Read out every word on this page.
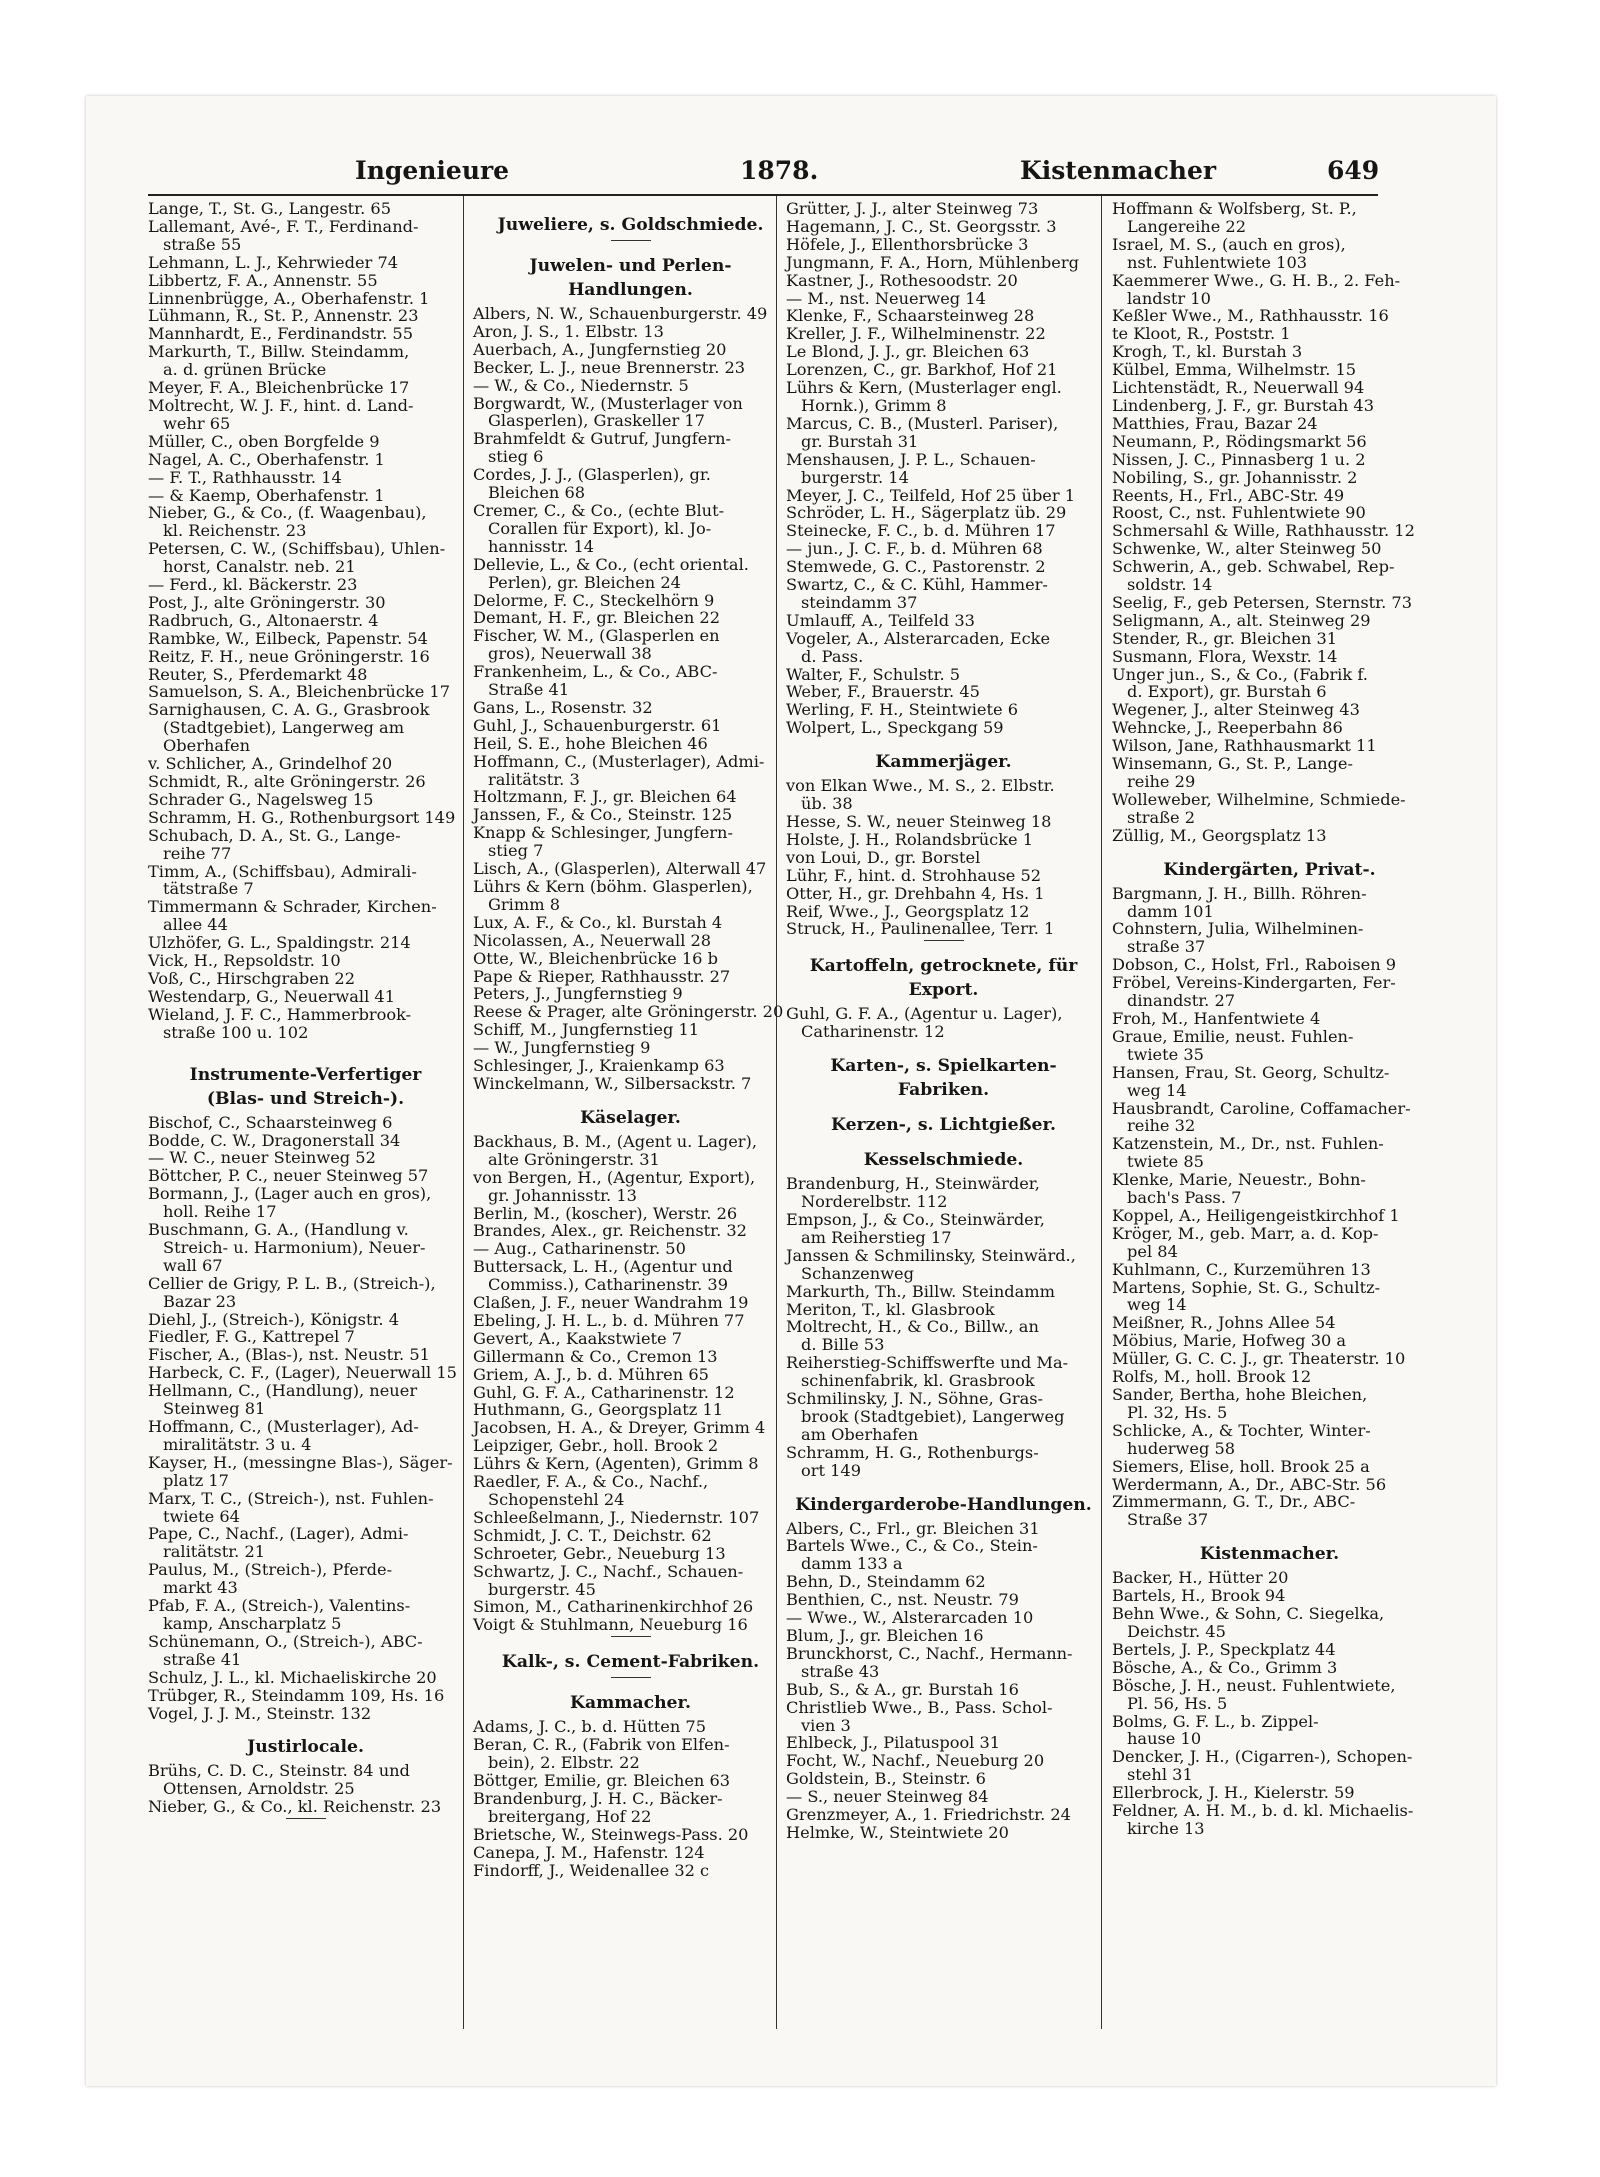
Ingenieure	1878.	Kistenmacher	649
Lange, T., St. G., Langestr. 65
Lallemant, Avé-, F. T., Ferdinand-
straße 55
Lehmann, L. J., Kehrwieder 74
Libbertz, F. A., Annenstr. 55
Linnenbrügge, A., Oberhafenstr. 1
Lühmann, R., St. P., Annenstr. 23
Mannhardt, E., Ferdinandstr. 55
Markurth, T., Billw. Steindamm,
a. d. grünen Brücke
Meyer, F. A., Bleichenbrücke 17
Moltrecht, W. J. F., hint. d. Land-
wehr 65
Müller, C., oben Borgfelde 9
Nagel, A. C., Oberhafenstr. 1
— F. T., Rathhausstr. 14
— & Kaemp, Oberhafenstr. 1
Nieber, G., & Co., (f. Waagenbau),
kl. Reichenstr. 23
Petersen, C. W., (Schiffsbau), Uhlen-
horst, Canalstr. neb. 21
— Ferd., kl. Bäckerstr. 23
Post, J., alte Gröningerstr. 30
Radbruch, G., Altonaerstr. 4
Rambke, W., Eilbeck, Papenstr. 54
Reitz, F. H., neue Gröningerstr. 16
Reuter, S., Pferdemarkt 48
Samuelson, S. A., Bleichenbrücke 17
Sarnighausen, C. A. G., Grasbrook
(Stadtgebiet), Langerweg am
Oberhafen
v. Schlicher, A., Grindelhof 20
Schmidt, R., alte Gröningerstr. 26
Schrader G., Nagelsweg 15
Schramm, H. G., Rothenburgsort 149
Schubach, D. A., St. G., Lange-
reihe 77
Timm, A., (Schiffsbau), Admirali-
tätstraße 7
Timmermann & Schrader, Kirchen-
allee 44
Ulzhöfer, G. L., Spaldingstr. 214
Vick, H., Repsoldstr. 10
Voß, C., Hirschgraben 22
Westendarp, G., Neuerwall 41
Wieland, J. F. C., Hammerbrook-
straße 100 u. 102
Instrumente-Verfertiger
(Blas- und Streich-).
Bischof, C., Schaarsteinweg 6
Bodde, C. W., Dragonerstall 34
— W. C., neuer Steinweg 52
Böttcher, P. C., neuer Steinweg 57
Bormann, J., (Lager auch en gros),
holl. Reihe 17
Buschmann, G. A., (Handlung v.
Streich- u. Harmonium), Neuer-
wall 67
Cellier de Grigy, P. L. B., (Streich-),
Bazar 23
Diehl, J., (Streich-), Königstr. 4
Fiedler, F. G., Kattrepel 7
Fischer, A., (Blas-), nst. Neustr. 51
Harbeck, C. F., (Lager), Neuerwall 15
Hellmann, C., (Handlung), neuer
Steinweg 81
Hoffmann, C., (Musterlager), Ad-
miralitätstr. 3 u. 4
Kayser, H., (messingne Blas-), Säger-
platz 17
Marx, T. C., (Streich-), nst. Fuhlen-
twiete 64
Pape, C., Nachf., (Lager), Admi-
ralitätstr. 21
Paulus, M., (Streich-), Pferde-
markt 43
Pfab, F. A., (Streich-), Valentins-
kamp, Anscharplatz 5
Schünemann, O., (Streich-), ABC-
straße 41
Schulz, J. L., kl. Michaeliskirche 20
Trübger, R., Steindamm 109, Hs. 16
Vogel, J. J. M., Steinstr. 132
Justirlocale.
Brühs, C. D. C., Steinstr. 84 und
Ottensen, Arnoldstr. 25
Nieber, G., & Co., kl. Reichenstr. 23
Juweliere, s. Goldschmiede.
Juwelen- und Perlen-
Handlungen.
Albers, N. W., Schauenburgerstr. 49
Aron, J. S., 1. Elbstr. 13
Auerbach, A., Jungfernstieg 20
Becker, L. J., neue Brennerstr. 23
— W., & Co., Niedernstr. 5
Borgwardt, W., (Musterlager von
Glasperlen), Graskeller 17
Brahmfeldt & Gutruf, Jungfern-
stieg 6
Cordes, J. J., (Glasperlen), gr.
Bleichen 68
Cremer, C., & Co., (echte Blut-
Corallen für Export), kl. Jo-
hannisstr. 14
Dellevie, L., & Co., (echt oriental.
Perlen), gr. Bleichen 24
Delorme, F. C., Steckelhörn 9
Demant, H. F., gr. Bleichen 22
Fischer, W. M., (Glasperlen en
gros), Neuerwall 38
Frankenheim, L., & Co., ABC-
Straße 41
Gans, L., Rosenstr. 32
Guhl, J., Schauenburgerstr. 61
Heil, S. E., hohe Bleichen 46
Hoffmann, C., (Musterlager), Admi-
ralitätstr. 3
Holtzmann, F. J., gr. Bleichen 64
Janssen, F., & Co., Steinstr. 125
Knapp & Schlesinger, Jungfern-
stieg 7
Lisch, A., (Glasperlen), Alterwall 47
Lührs & Kern (böhm. Glasperlen),
Grimm 8
Lux, A. F., & Co., kl. Burstah 4
Nicolassen, A., Neuerwall 28
Otte, W., Bleichenbrücke 16 b
Pape & Rieper, Rathhausstr. 27
Peters, J., Jungfernstieg 9
Reese & Prager, alte Gröningerstr. 20
Schiff, M., Jungfernstieg 11
— W., Jungfernstieg 9
Schlesinger, J., Kraienkamp 63
Winckelmann, W., Silbersackstr. 7
Käselager.
Backhaus, B. M., (Agent u. Lager),
alte Gröningerstr. 31
von Bergen, H., (Agentur, Export),
gr. Johannisstr. 13
Berlin, M., (koscher), Werstr. 26
Brandes, Alex., gr. Reichenstr. 32
— Aug., Catharinenstr. 50
Buttersack, L. H., (Agentur und
Commiss.), Catharinenstr. 39
Claßen, J. F., neuer Wandrahm 19
Ebeling, J. H. L., b. d. Mühren 77
Gevert, A., Kaakstwiete 7
Gillermann & Co., Cremon 13
Griem, A. J., b. d. Mühren 65
Guhl, G. F. A., Catharinenstr. 12
Huthmann, G., Georgsplatz 11
Jacobsen, H. A., & Dreyer, Grimm 4
Leipziger, Gebr., holl. Brook 2
Lührs & Kern, (Agenten), Grimm 8
Raedler, F. A., & Co., Nachf.,
Schopenstehl 24
Schleeßelmann, J., Niedernstr. 107
Schmidt, J. C. T., Deichstr. 62
Schroeter, Gebr., Neueburg 13
Schwartz, J. C., Nachf., Schauen-
burgerstr. 45
Simon, M., Catharinenkirchhof 26
Voigt & Stuhlmann, Neueburg 16
Kalk-, s. Cement-Fabriken.
Kammacher.
Adams, J. C., b. d. Hütten 75
Beran, C. R., (Fabrik von Elfen-
bein), 2. Elbstr. 22
Böttger, Emilie, gr. Bleichen 63
Brandenburg, J. H. C., Bäcker-
breitergang, Hof 22
Brietsche, W., Steinwegs-Pass. 20
Canepa, J. M., Hafenstr. 124
Findorff, J., Weidenallee 32 c
Grütter, J. J., alter Steinweg 73
Hagemann, J. C., St. Georgsstr. 3
Höfele, J., Ellenthorsbrücke 3
Jungmann, F. A., Horn, Mühlenberg
Kastner, J., Rothesoodstr. 20
— M., nst. Neuerweg 14
Klenke, F., Schaarsteinweg 28
Kreller, J. F., Wilhelminenstr. 22
Le Blond, J. J., gr. Bleichen 63
Lorenzen, C., gr. Barkhof, Hof 21
Lührs & Kern, (Musterlager engl.
Hornk.), Grimm 8
Marcus, C. B., (Musterl. Pariser),
gr. Burstah 31
Menshausen, J. P. L., Schauen-
burgerstr. 14
Meyer, J. C., Teilfeld, Hof 25 über 1
Schröder, L. H., Sägerplatz üb. 29
Steinecke, F. C., b. d. Mühren 17
— jun., J. C. F., b. d. Mühren 68
Stemwede, G. C., Pastorenstr. 2
Swartz, C., & C. Kühl, Hammer-
steindamm 37
Umlauff, A., Teilfeld 33
Vogeler, A., Alsterarcaden, Ecke
d. Pass.
Walter, F., Schulstr. 5
Weber, F., Brauerstr. 45
Werling, F. H., Steintwiete 6
Wolpert, L., Speckgang 59
Kammerjäger.
von Elkan Wwe., M. S., 2. Elbstr.
üb. 38
Hesse, S. W., neuer Steinweg 18
Holste, J. H., Rolandsbrücke 1
von Loui, D., gr. Borstel
Lühr, F., hint. d. Strohhause 52
Otter, H., gr. Drehbahn 4, Hs. 1
Reif, Wwe., J., Georgsplatz 12
Struck, H., Paulinenallee, Terr. 1
Kartoffeln, getrocknete, für
Export.
Guhl, G. F. A., (Agentur u. Lager),
Catharinenstr. 12
Karten-, s. Spielkarten-
Fabriken.
Kerzen-, s. Lichtgießer.
Kesselschmiede.
Brandenburg, H., Steinwärder,
Norderelbstr. 112
Empson, J., & Co., Steinwärder,
am Reiherstieg 17
Janssen & Schmilinsky, Steinwärd.,
Schanzenweg
Markurth, Th., Billw. Steindamm
Meriton, T., kl. Glasbrook
Moltrecht, H., & Co., Billw., an
d. Bille 53
Reiherstieg-Schiffswerfte und Ma-
schinenfabrik, kl. Grasbrook
Schmilinsky, J. N., Söhne, Gras-
brook (Stadtgebiet), Langerweg
am Oberhafen
Schramm, H. G., Rothenburgs-
ort 149
Kindergarderobe-Handlungen.
Albers, C., Frl., gr. Bleichen 31
Bartels Wwe., C., & Co., Stein-
damm 133 a
Behn, D., Steindamm 62
Benthien, C., nst. Neustr. 79
— Wwe., W., Alsterarcaden 10
Blum, J., gr. Bleichen 16
Brunckhorst, C., Nachf., Hermann-
straße 43
Bub, S., & A., gr. Burstah 16
Christlieb Wwe., B., Pass. Schol-
vien 3
Ehlbeck, J., Pilatuspool 31
Focht, W., Nachf., Neueburg 20
Goldstein, B., Steinstr. 6
— S., neuer Steinweg 84
Grenzmeyer, A., 1. Friedrichstr. 24
Helmke, W., Steintwiete 20
Hoffmann & Wolfsberg, St. P.,
Langereihe 22
Israel, M. S., (auch en gros),
nst. Fuhlentwiete 103
Kaemmerer Wwe., G. H. B., 2. Feh-
landstr 10
Keßler Wwe., M., Rathhausstr. 16
te Kloot, R., Poststr. 1
Krogh, T., kl. Burstah 3
Külbel, Emma, Wilhelmstr. 15
Lichtenstädt, R., Neuerwall 94
Lindenberg, J. F., gr. Burstah 43
Matthies, Frau, Bazar 24
Neumann, P., Rödingsmarkt 56
Nissen, J. C., Pinnasberg 1 u. 2
Nobiling, S., gr. Johannisstr. 2
Reents, H., Frl., ABC-Str. 49
Roost, C., nst. Fuhlentwiete 90
Schmersahl & Wille, Rathhausstr. 12
Schwenke, W., alter Steinweg 50
Schwerin, A., geb. Schwabel, Rep-
soldstr. 14
Seelig, F., geb Petersen, Sternstr. 73
Seligmann, A., alt. Steinweg 29
Stender, R., gr. Bleichen 31
Susmann, Flora, Wexstr. 14
Unger jun., S., & Co., (Fabrik f.
d. Export), gr. Burstah 6
Wegener, J., alter Steinweg 43
Wehncke, J., Reeperbahn 86
Wilson, Jane, Rathhausmarkt 11
Winsemann, G., St. P., Lange-
reihe 29
Wolleweber, Wilhelmine, Schmiede-
straße 2
Züllig, M., Georgsplatz 13
Kindergärten, Privat-.
Bargmann, J. H., Billh. Röhren-
damm 101
Cohnstern, Julia, Wilhelminen-
straße 37
Dobson, C., Holst, Frl., Raboisen 9
Fröbel, Vereins-Kindergarten, Fer-
dinandstr. 27
Froh, M., Hanfentwiete 4
Graue, Emilie, neust. Fuhlen-
twiete 35
Hansen, Frau, St. Georg, Schultz-
weg 14
Hausbrandt, Caroline, Coffamacher-
reihe 32
Katzenstein, M., Dr., nst. Fuhlen-
twiete 85
Klenke, Marie, Neuestr., Bohn-
bach's Pass. 7
Koppel, A., Heiligengeistkirchhof 1
Kröger, M., geb. Marr, a. d. Kop-
pel 84
Kuhlmann, C., Kurzemühren 13
Martens, Sophie, St. G., Schultz-
weg 14
Meißner, R., Johns Allee 54
Möbius, Marie, Hofweg 30 a
Müller, G. C. C. J., gr. Theaterstr. 10
Rolfs, M., holl. Brook 12
Sander, Bertha, hohe Bleichen,
Pl. 32, Hs. 5
Schlicke, A., & Tochter, Winter-
huderweg 58
Siemers, Elise, holl. Brook 25 a
Werdermann, A., Dr., ABC-Str. 56
Zimmermann, G. T., Dr., ABC-
Straße 37
Kistenmacher.
Backer, H., Hütter 20
Bartels, H., Brook 94
Behn Wwe., & Sohn, C. Siegelka,
Deichstr. 45
Bertels, J. P., Speckplatz 44
Bösche, A., & Co., Grimm 3
Bösche, J. H., neust. Fuhlentwiete,
Pl. 56, Hs. 5
Bolms, G. F. L., b. Zippel-
hause 10
Dencker, J. H., (Cigarren-), Schopen-
stehl 31
Ellerbrock, J. H., Kielerstr. 59
Feldner, A. H. M., b. d. kl. Michaelis-
kirche 13
